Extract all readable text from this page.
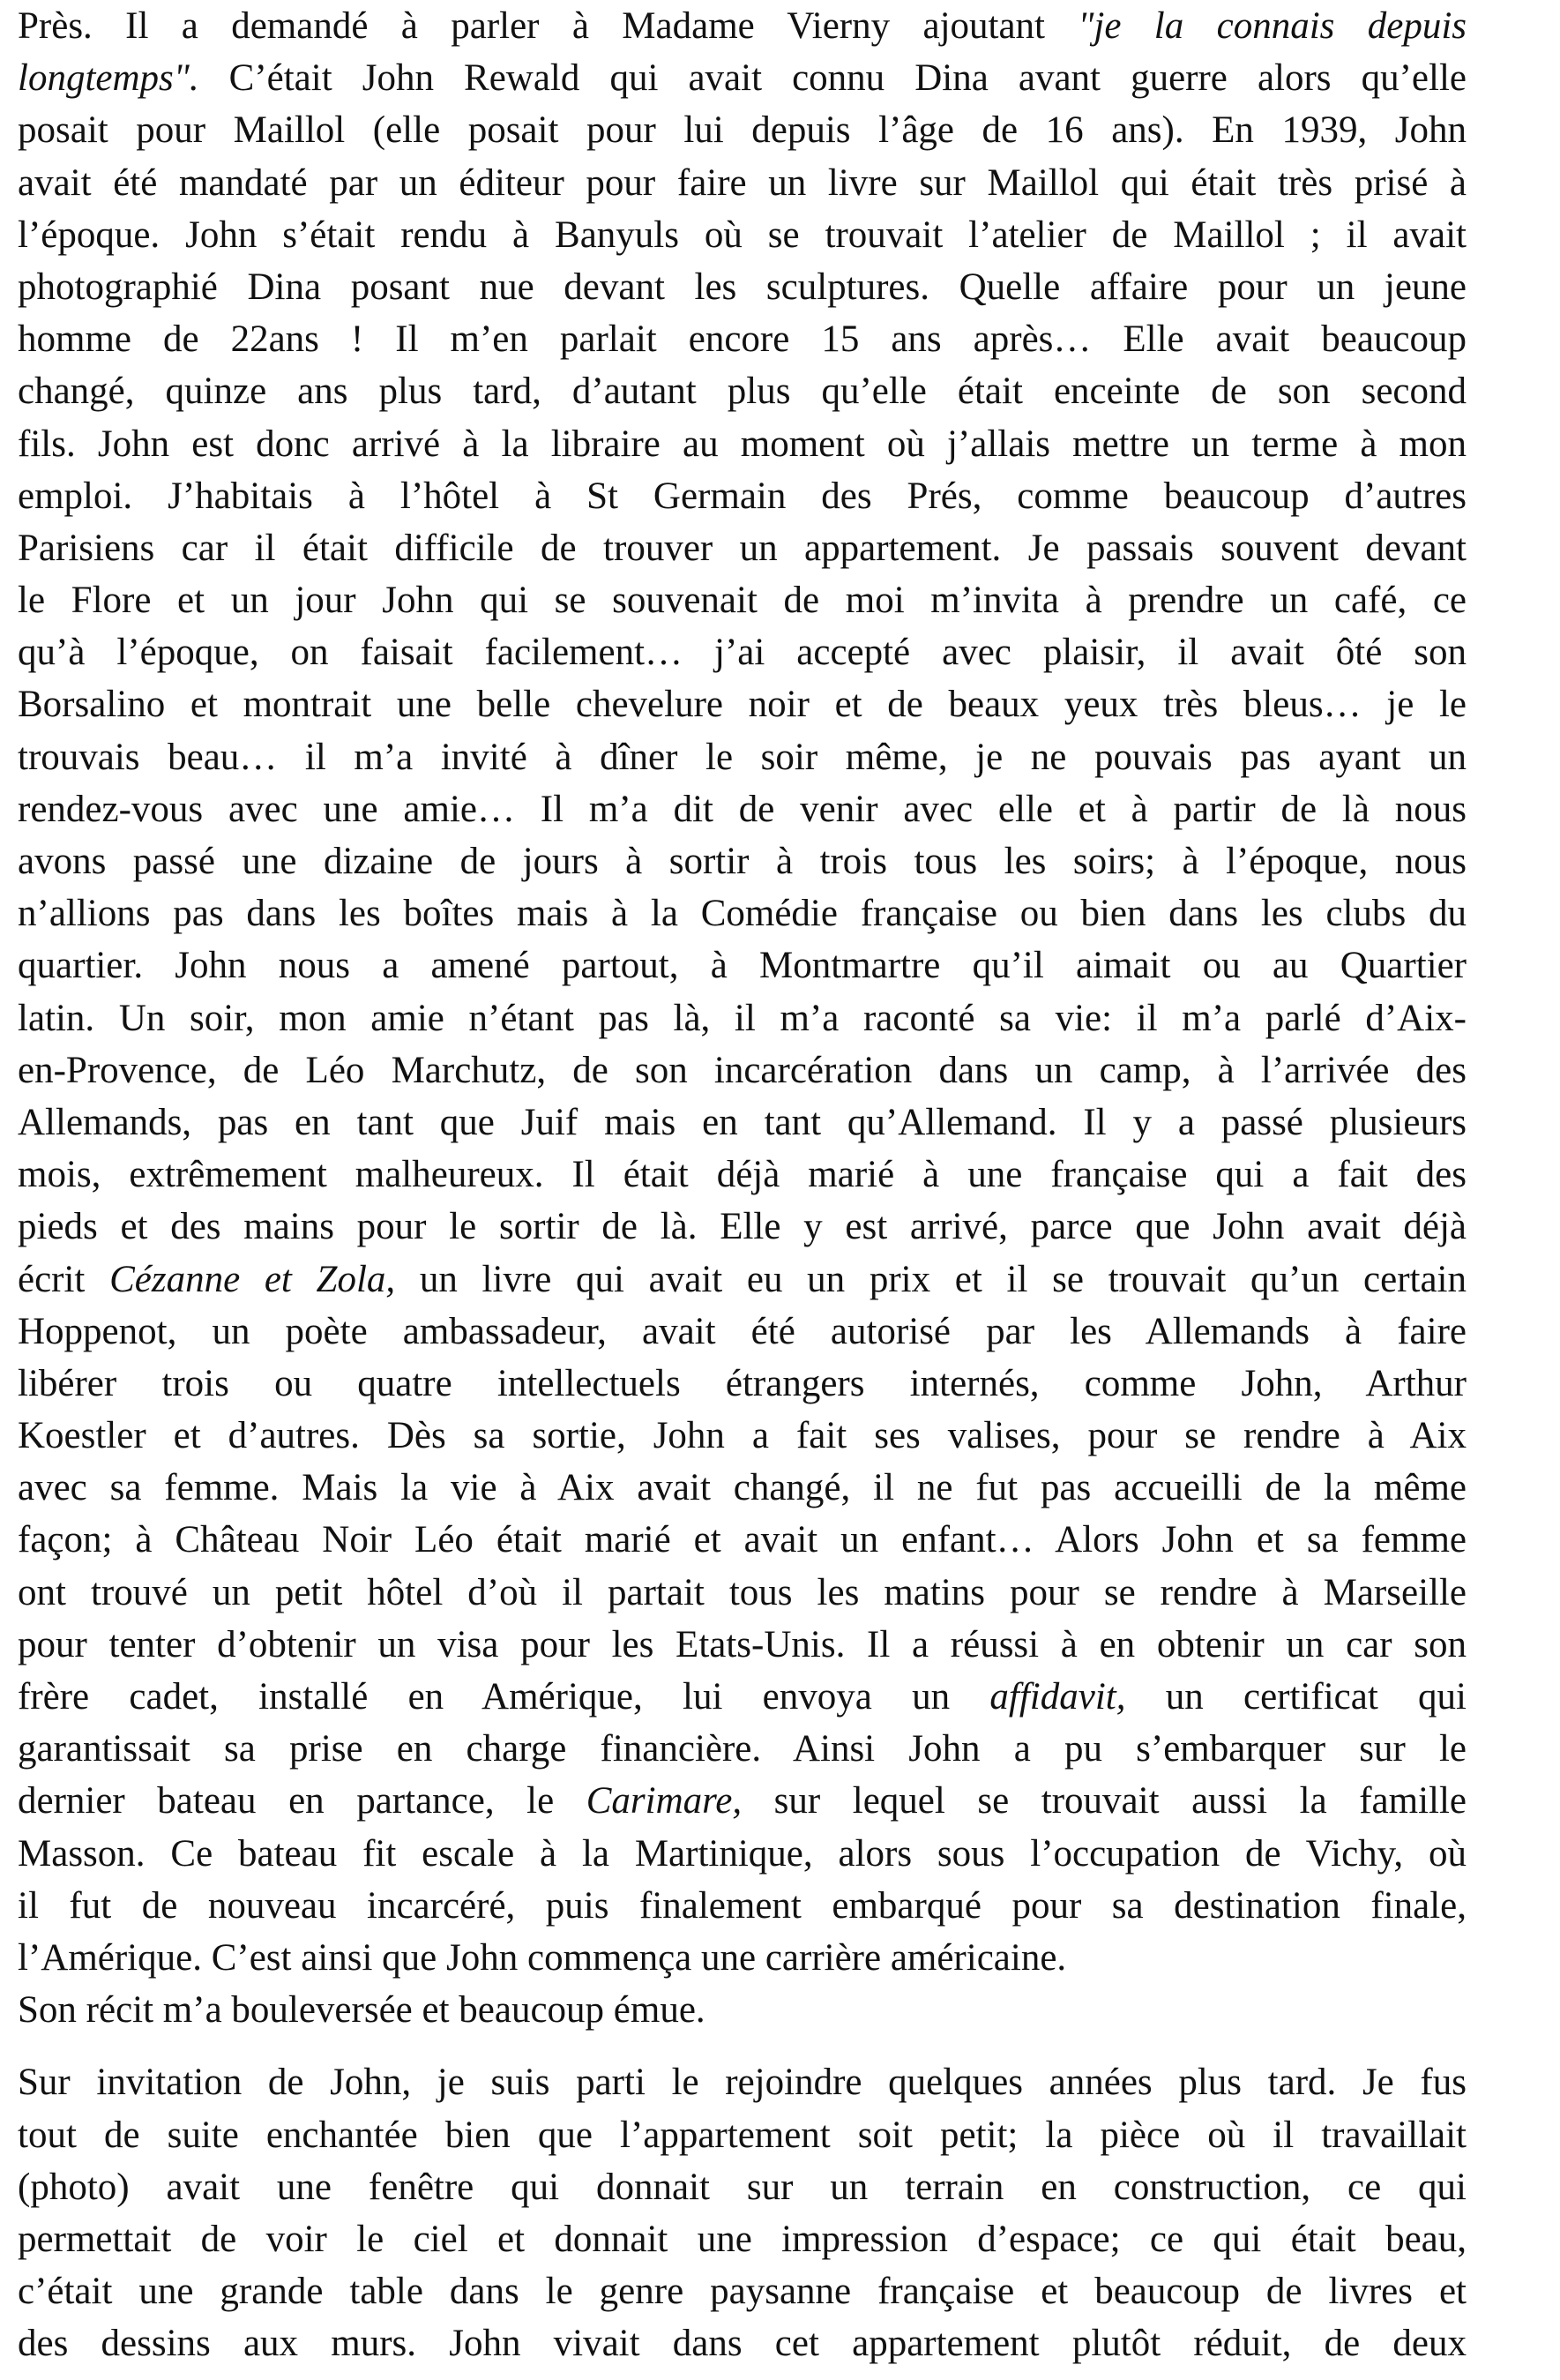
Près. Il a demandé à parler à Madame Vierny ajoutant "je la connais depuis
longtemps". C’était John Rewald qui avait connu Dina avant guerre alors qu’elle
posait pour Maillol (elle posait pour lui depuis l’âge de 16 ans). En 1939, John
avait été mandaté par un éditeur pour faire un livre sur Maillol qui était très prisé à
l’époque. John s’était rendu à Banyuls où se trouvait l’atelier de Maillol ; il avait
photographié Dina posant nue devant les sculptures. Quelle affaire pour un jeune
homme de 22ans ! Il m’en parlait encore 15 ans après… Elle avait beaucoup
changé, quinze ans plus tard, d’autant plus qu’elle était enceinte de son second
fils. John est donc arrivé à la libraire au moment où j’allais mettre un terme à mon
emploi. J’habitais à l’hôtel à St Germain des Prés, comme beaucoup d’autres
Parisiens car il était difficile de trouver un appartement. Je passais souvent devant
le Flore et un jour John qui se souvenait de moi m’invita à prendre un café, ce
qu’à l’époque, on faisait facilement… j’ai accepté avec plaisir, il avait ôté son
Borsalino et montrait une belle chevelure noir et de beaux yeux très bleus… je le
trouvais beau… il m’a invité à dîner le soir même, je ne pouvais pas ayant un
rendez-vous avec une amie… Il m’a dit de venir avec elle et à partir de là nous
avons passé une dizaine de jours à sortir à trois tous les soirs; à l’époque, nous
n’allions pas dans les boîtes mais à la Comédie française ou bien dans les clubs du
quartier. John nous a amené partout, à Montmartre qu’il aimait ou au Quartier
latin. Un soir, mon amie n’étant pas là, il m’a raconté sa vie: il m’a parlé d’Aix-
en-Provence, de Léo Marchutz, de son incarcération dans un camp, à l’arrivée des
Allemands, pas en tant que Juif mais en tant qu’Allemand. Il y a passé plusieurs
mois, extrêmement malheureux. Il était déjà marié à une française qui a fait des
pieds et des mains pour le sortir de là. Elle y est arrivé, parce que John avait déjà
écrit Cézanne et Zola, un livre qui avait eu un prix et il se trouvait qu’un certain
Hoppenot, un poète ambassadeur, avait été autorisé par les Allemands à faire
libérer trois ou quatre intellectuels étrangers internés, comme John, Arthur
Koestler et d’autres. Dès sa sortie, John a fait ses valises, pour se rendre à Aix
avec sa femme. Mais la vie à Aix avait changé, il ne fut pas accueilli de la même
façon; à Château Noir Léo était marié et avait un enfant… Alors John et sa femme
ont trouvé un petit hôtel d’où il partait tous les matins pour se rendre à Marseille
pour tenter d’obtenir un visa pour les Etats-Unis. Il a réussi à en obtenir un car son
frère cadet, installé en Amérique, lui envoya un affidavit, un certificat qui
garantissait sa prise en charge financière. Ainsi John a pu s’embarquer sur le
dernier bateau en partance, le Carimare, sur lequel se trouvait aussi la famille
Masson. Ce bateau fit escale à la Martinique, alors sous l’occupation de Vichy, où
il fut de nouveau incarcéré, puis finalement embarqué pour sa destination finale,
l’Amérique. C’est ainsi que John commença une carrière américaine.
Son récit m’a bouleversée et beaucoup émue.
Sur invitation de John, je suis parti le rejoindre quelques années plus tard. Je fus
tout de suite enchantée bien que l’appartement soit petit; la pièce où il travaillait
(photo) avait une fenêtre qui donnait sur un terrain en construction, ce qui
permettait de voir le ciel et donnait une impression d’espace; ce qui était beau,
c’était une grande table dans le genre paysanne française et beaucoup de livres et
des dessins aux murs. John vivait dans cet appartement plutôt réduit, de deux
